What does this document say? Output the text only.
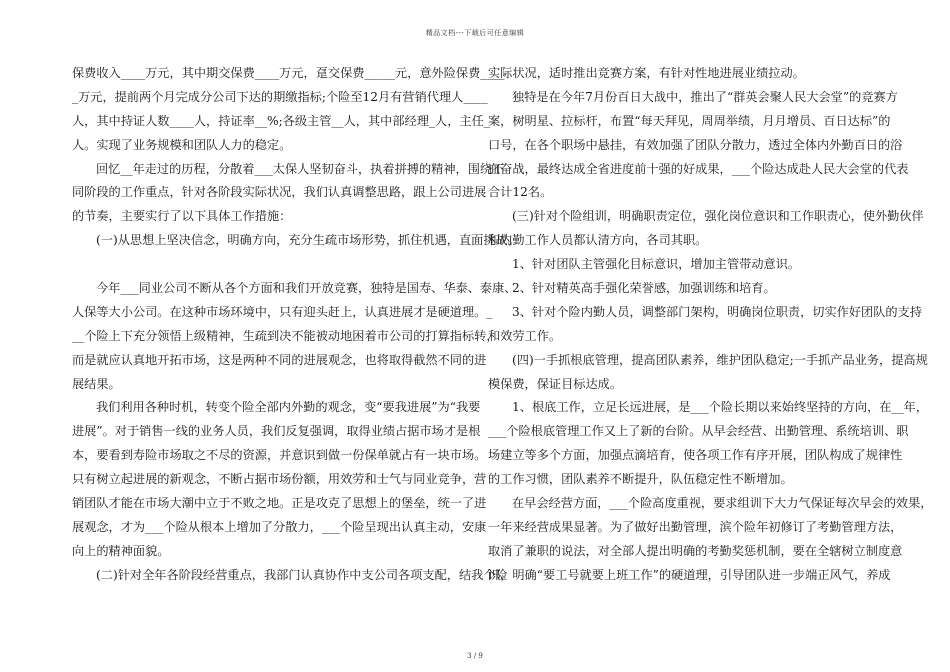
精品文档---下载后可任意编辑
保费收入____万元，其中期交保费____万元，趸交保费_____元，意外险保费____
_万元，提前两个月完成分公司下达的期缴指标;个险至12月有营销代理人____
人，其中持证人数____人，持证率__%;各级主管__人，其中部经理_人，主任_
人。实现了业务规模和团队人力的稳定。
回忆__年走过的历程，分散着___太保人坚韧奋斗，执着拼搏的精神，围绕不
同阶段的工作重点，针对各阶段实际状况，我们认真调整思路，跟上公司进展
的节奏，主要实行了以下具体工作措施：
(一)从思想上坚决信念，明确方向，充分生疏市场形势，抓住机遇，直面挑战。
今年___同业公司不断从各个方面和我们开放竞赛，独特是国寿、华泰、泰康、
人保等大小公司。在这种市场环境中，只有迎头赶上，认真进展才是硬道理。_
__个险上下充分领悟上级精神，生疏到决不能被动地困着市公司的打算指标转，
而是就应认真地开拓市场，这是两种不同的进展观念，也将取得截然不同的进
展结果。
我们利用各种时机，转变个险全部内外勤的观念，变“要我进展”为“我要
进展”。对于销售一线的业务人员，我们反复强调，取得业绩占据市场才是根
本，要看到寿险市场取之不尽的资源，并意识到做一份保单就占有一块市场。
只有树立起进展的新观念，不断占据市场份额，用效劳和士气与同业竞争，营
销团队才能在市场大潮中立于不败之地。正是攻克了思想上的堡垒，统一了进
展观念，才为___个险从根本上增加了分散力，___个险呈现出认真主动，安康
向上的精神面貌。
(二)针对全年各阶段经营重点，我部门认真协作中支公司各项支配，结我个险
实际状况，适时推出竞赛方案，有针对性地进展业绩拉动。
独特是在今年7月份百日大战中，推出了“群英会聚人民大会堂”的竞赛方
案，树明星、拉标杆，布置“每天拜见，周周举绩，月月增员、百日达标”的
口号，在各个职场中悬挂，有效加强了团队分散力，透过全体内外勤百日的浴
血奋战，最终达成全省进度前十强的好成果，___个险达成赴人民大会堂的代表
合计12名。
(三)针对个险组训，明确职责定位，强化岗位意识和工作职责心，使外勤伙伴
和内勤工作人员都认清方向，各司其职。
1、针对团队主管强化目标意识，增加主管带动意识。
2、针对精英高手强化荣誉感，加强训练和培育。
3、针对个险内勤人员，调整部门架构，明确岗位职责，切实作好团队的支持
和效劳工作。
(四)一手抓根底管理，提高团队素养，维护团队稳定;一手抓产品业务，提高规
模保费，保证目标达成。
1、根底工作，立足长远进展，是___个险长期以来始终坚持的方向，在__年，
___个险根底管理工作又上了新的台阶。从早会经营、出勤管理、系统培训、职
场建立等多个方面，加强点滴培育，使各项工作有序开展，团队构成了规律性
的工作习惯，团队素养不断提升，队伍稳定性不断增加。
在早会经营方面，___个险高度重视，要求组训下大力气保证每次早会的效果，
一年来经营成果显著。为了做好出勤管理，滨个险年初修订了考勤管理方法，
取消了兼职的说法，对全部人提出明确的考勤奖惩机制，要在全辖树立制度意
识，明确“要工号就要上班工作”的硬道理，引导团队进一步端正风气，养成
3 / 9
